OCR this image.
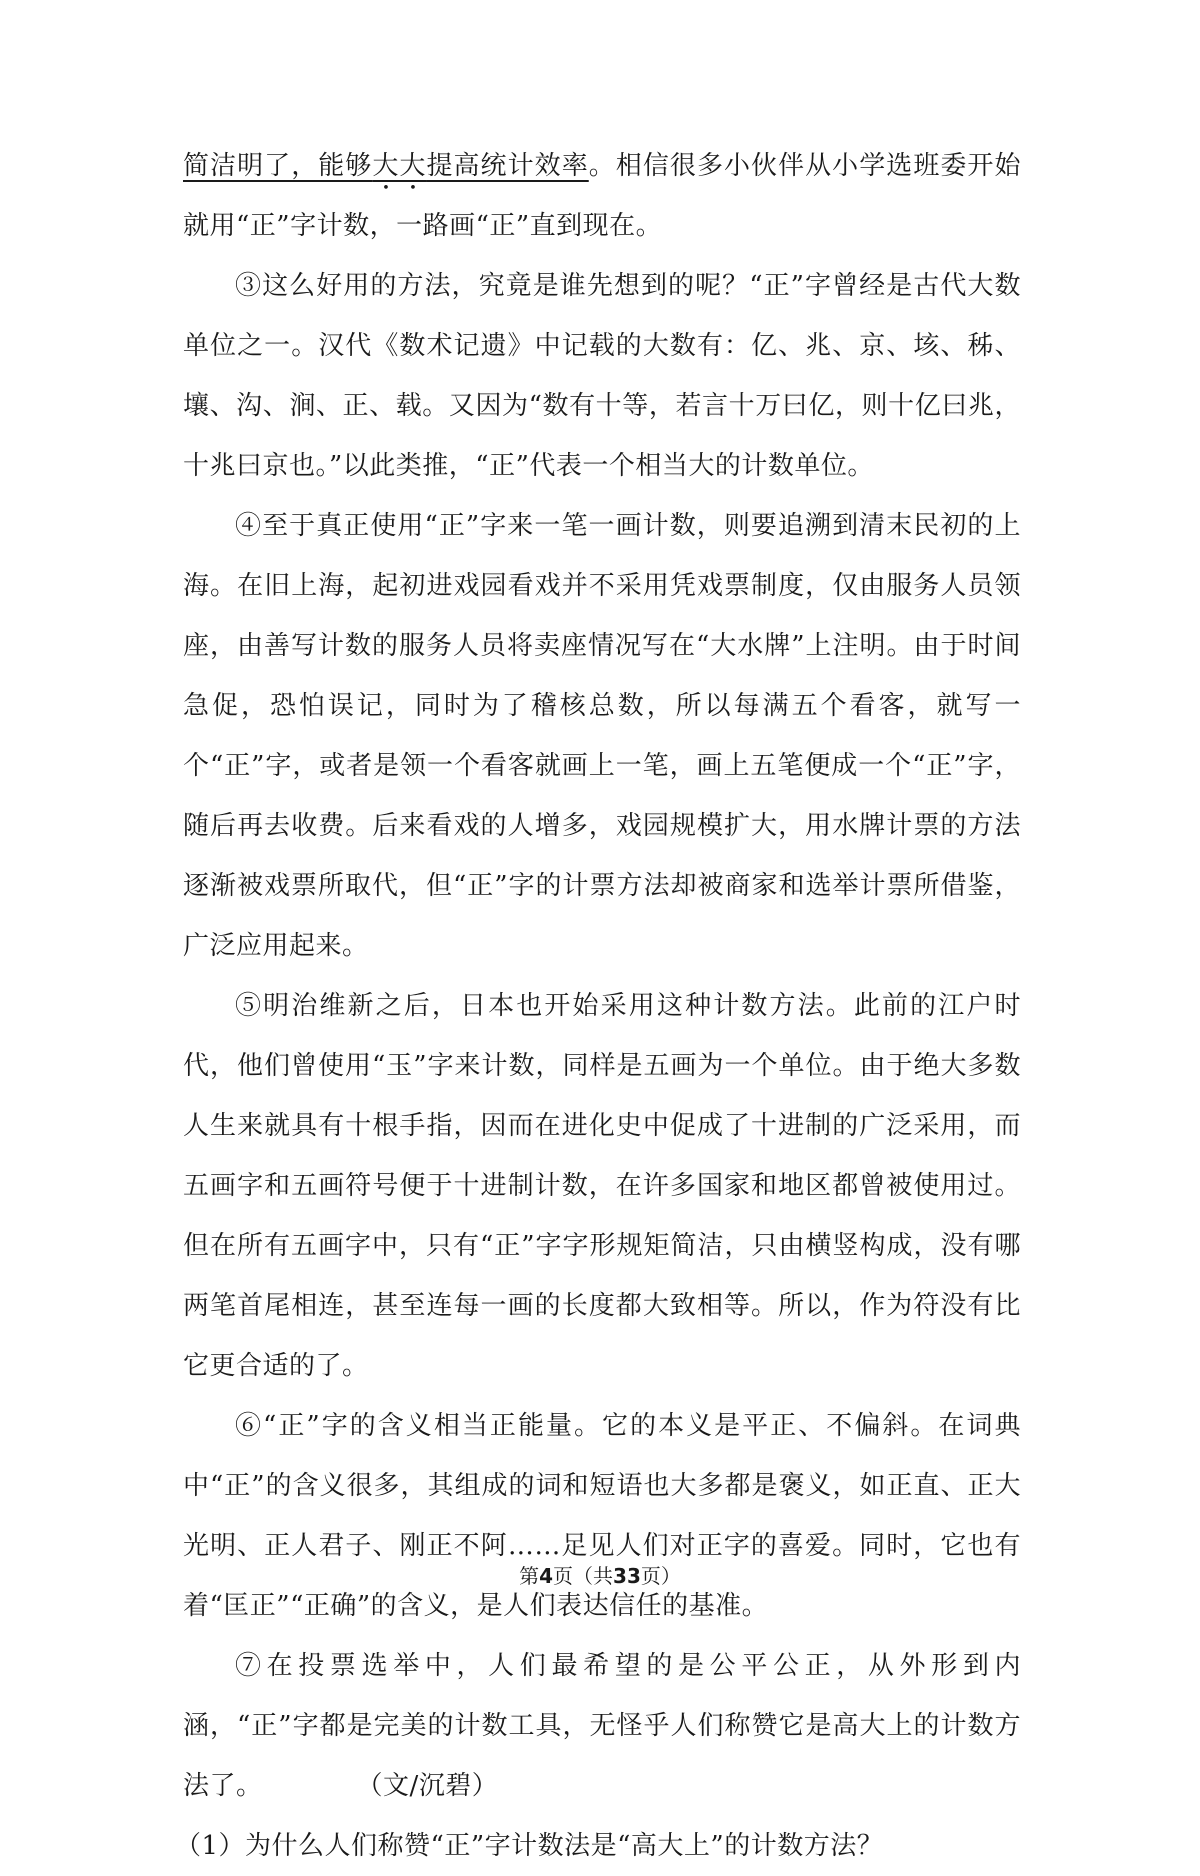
简洁明了，能够大大提高统计效率。相信很多小伙伴从小学选班委开始就用“正”字计数，一路画“正”直到现在。

③这么好用的方法，究竟是谁先想到的呢？“正”字曾经是古代大数单位之一。汉代《数术记遗》中记载的大数有：亿、兆、京、垓、秭、壤、沟、涧、正、载。又因为“数有十等，若言十万曰亿，则十亿曰兆，十兆曰京也。”以此类推，“正”代表一个相当大的计数单位。

④至于真正使用“正”字来一笔一画计数，则要追溯到清末民初的上海。在旧上海，起初进戏园看戏并不采用凭戏票制度，仅由服务人员领座，由善写计数的服务人员将卖座情况写在“大水牌”上注明。由于时间急促，恐怕误记，同时为了稽核总数，所以每满五个看客，就写一个“正”字，或者是领一个看客就画上一笔，画上五笔便成一个“正”字，随后再去收费。后来看戏的人增多，戏园规模扩大，用水牌计票的方法逐渐被戏票所取代，但“正”字的计票方法却被商家和选举计票所借鉴，广泛应用起来。

⑤明治维新之后，日本也开始采用这种计数方法。此前的江户时代，他们曾使用“玉”字来计数，同样是五画为一个单位。由于绝大多数人生来就具有十根手指，因而在进化史中促成了十进制的广泛采用，而五画字和五画符号便于十进制计数，在许多国家和地区都曾被使用过。但在所有五画字中，只有“正”字字形规矩简洁，只由横竖构成，没有哪两笔首尾相连，甚至连每一画的长度都大致相等。所以，作为符没有比它更合适的了。

⑥“正”字的含义相当正能量。它的本义是平正、不偏斜。在词典中“正”的含义很多，其组成的词和短语也大多都是褒义，如正直、正大光明、正人君子、刚正不阿……足见人们对正字的喜爱。同时，它也有着“匡正”“正确”的含义，是人们表达信任的基准。

⑦在投票选举中，人们最希望的是公平公正，从外形到内涵，“正”字都是完美的计数工具，无怪乎人们称赞它是高大上的计数方法了。	（文/沉碧）

（1）为什么人们称赞“正”字计数法是“高大上”的计数方法？

第4页（共33页）
